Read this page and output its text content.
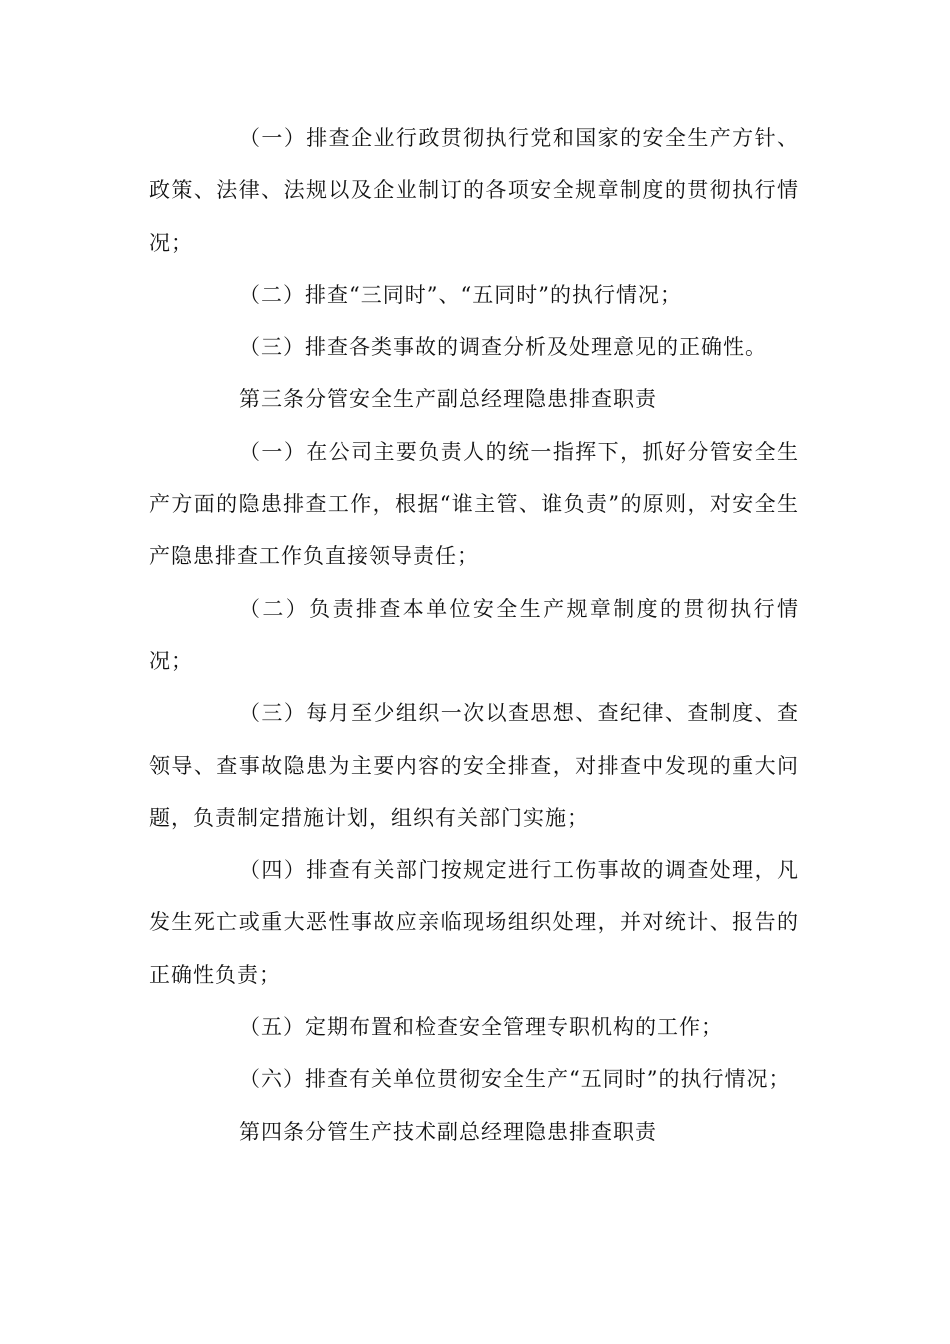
（一）排查企业行政贯彻执行党和国家的安全生产方针、政策、法律、法规以及企业制订的各项安全规章制度的贯彻执行情况；

（二）排查“三同时”、“五同时”的执行情况；

（三）排查各类事故的调查分析及处理意见的正确性。

第三条分管安全生产副总经理隐患排查职责

（一）在公司主要负责人的统一指挥下，抓好分管安全生产方面的隐患排查工作，根据“谁主管、谁负责”的原则，对安全生产隐患排查工作负直接领导责任；

（二）负责排查本单位安全生产规章制度的贯彻执行情况；

（三）每月至少组织一次以查思想、查纪律、查制度、查领导、查事故隐患为主要内容的安全排查，对排查中发现的重大问题，负责制定措施计划，组织有关部门实施；

（四）排查有关部门按规定进行工伤事故的调查处理，凡发生死亡或重大恶性事故应亲临现场组织处理，并对统计、报告的正确性负责；

（五）定期布置和检查安全管理专职机构的工作；

（六）排查有关单位贯彻安全生产“五同时”的执行情况；

第四条分管生产技术副总经理隐患排查职责
